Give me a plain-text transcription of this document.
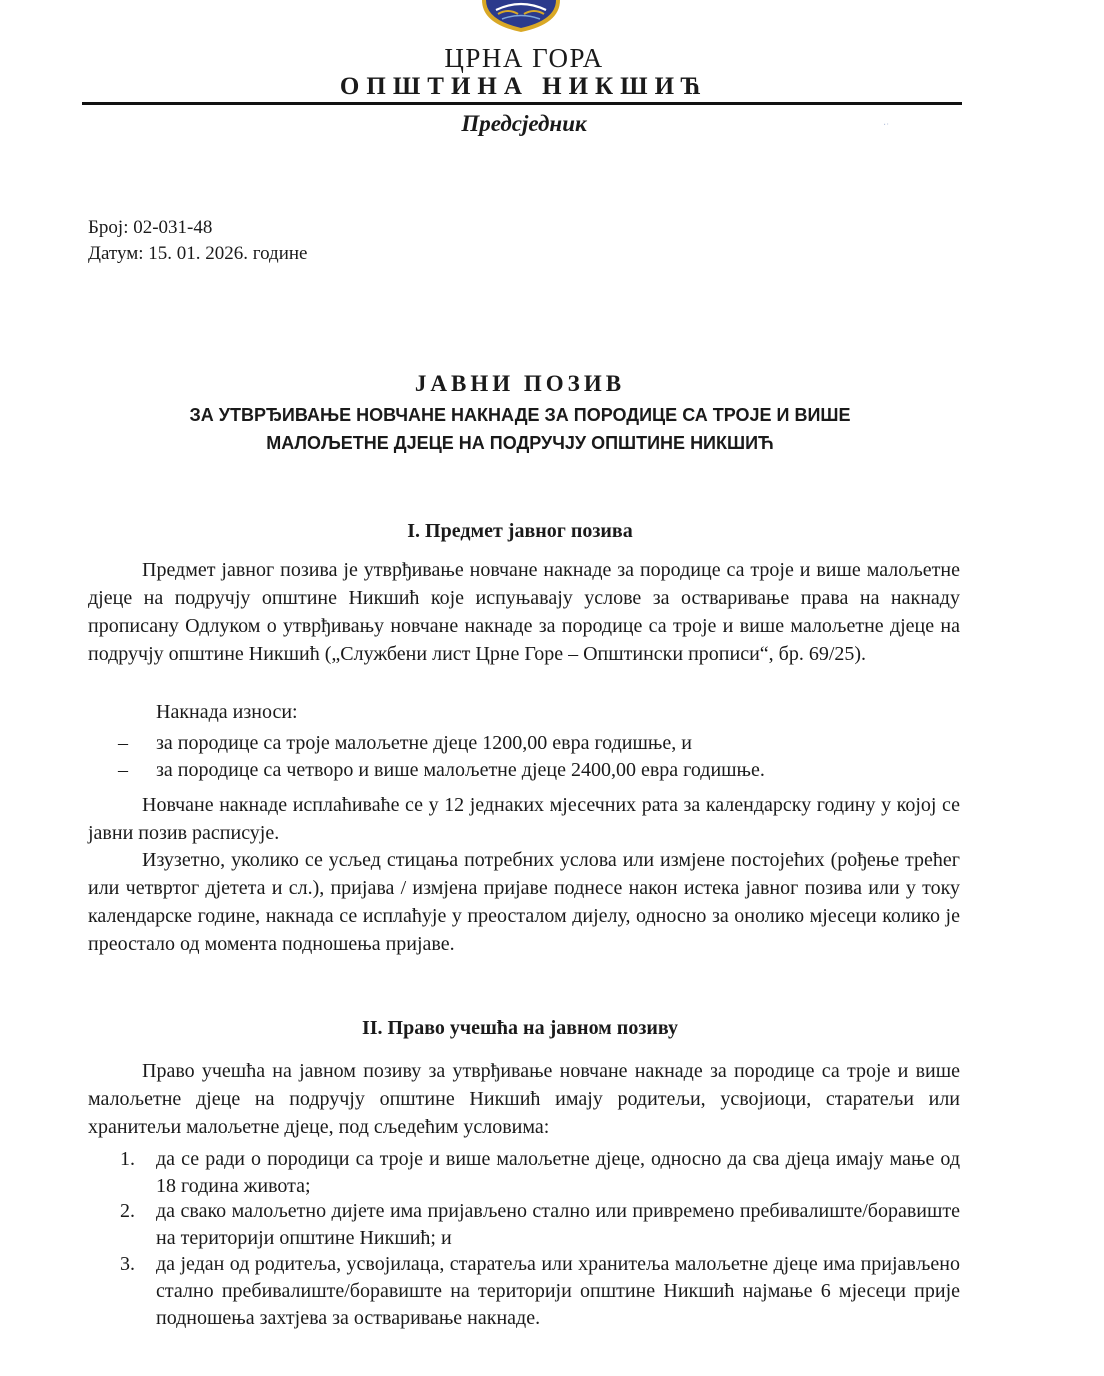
ЦРНА ГОРА
ОПШТИНА НИКШИЋ
Предсједник	·ᐧ
Број: 02-031-48
Датум: 15. 01. 2026. године
ЈАВНИ ПОЗИВ
ЗА УТВРЂИВАЊЕ НОВЧАНЕ НАКНАДЕ ЗА ПОРОДИЦЕ СА ТРОЈЕ И ВИШЕ
МАЛОЉЕТНЕ ДЈЕЦЕ НА ПОДРУЧЈУ ОПШТИНЕ НИКШИЋ
I. Предмет јавног позива

Предмет јавног позива је утврђивање новчане накнаде за породице са троје и више малољетне дјеце на подручју општине Никшић које испуњавају услове за остваривање права на накнаду прописану Одлуком о утврђивању новчане накнаде за породице са троје и више малољетне дјеце на подручју општине Никшић („Службени лист Црне Горе – Општински прописи“, бр. 69/25).

Накнада износи:
– за породице са троје малољетне дјеце 1200,00 евра годишње, и
– за породице са четворо и више малољетне дјеце 2400,00 евра годишње.

Новчане накнаде исплаћиваће се у 12 једнаких мјесечних рата за календарску годину у којој се јавни позив расписује.

Изузетно, уколико се усљед стицања потребних услова или измјене постојећих (рођење трећег или четвртог дјетета и сл.), пријава / измјена пријаве поднесе након истека јавног позива или у току календарске године, накнада се исплаћује у преосталом дијелу, односно за онолико мјесеци колико је преостало од момента подношења пријаве.

II. Право учешћа на јавном позиву

Право учешћа на јавном позиву за утврђивање новчане накнаде за породице са троје и више малољетне дјеце на подручју општине Никшић имају родитељи, усвојиоци, старатељи или хранитељи малољетне дјеце, под сљедећим условима:

1. да се ради о породици са троје и више малољетне дјеце, односно да сва дјеца имају мање од 18 година живота;

2. да свако малољетно дијете има пријављено стално или привремено пребивалиште/боравиште на територији општине Никшић; и

3. да један од родитеља, усвојилаца, старатеља или хранитеља малољетне дјеце има пријављено стално пребивалиште/боравиште на територији општине Никшић најмање 6 мјесеци прије подношења захтјева за остваривање накнаде.
